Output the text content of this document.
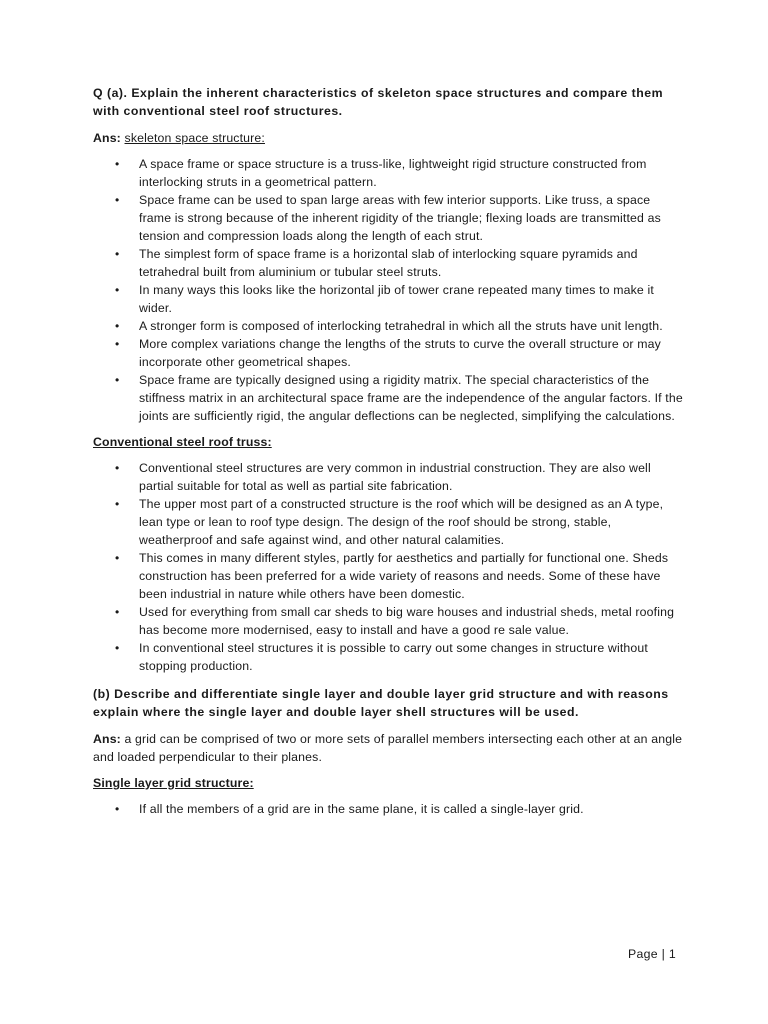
Q (a). Explain the inherent characteristics of skeleton space structures and compare them with conventional steel roof structures.

Ans: skeleton space structure:

• A space frame or space structure is a truss-like, lightweight rigid structure constructed from interlocking struts in a geometrical pattern.
• Space frame can be used to span large areas with few interior supports. Like truss, a space frame is strong because of the inherent rigidity of the triangle; flexing loads are transmitted as tension and compression loads along the length of each strut.
• The simplest form of space frame is a horizontal slab of interlocking square pyramids and tetrahedral built from aluminium or tubular steel struts.
• In many ways this looks like the horizontal jib of tower crane repeated many times to make it wider.
• A stronger form is composed of interlocking tetrahedral in which all the struts have unit length.
• More complex variations change the lengths of the struts to curve the overall structure or may incorporate other geometrical shapes.
• Space frame are typically designed using a rigidity matrix. The special characteristics of the stiffness matrix in an architectural space frame are the independence of the angular factors. If the joints are sufficiently rigid, the angular deflections can be neglected, simplifying the calculations.

Conventional steel roof truss:

• Conventional steel structures are very common in industrial construction. They are also well partial suitable for total as well as partial site fabrication.
• The upper most part of a constructed structure is the roof which will be designed as an A type, lean type or lean to roof type design. The design of the roof should be strong, stable, weatherproof and safe against wind, and other natural calamities.
• This comes in many different styles, partly for aesthetics and partially for functional one. Sheds construction has been preferred for a wide variety of reasons and needs. Some of these have been industrial in nature while others have been domestic.
• Used for everything from small car sheds to big ware houses and industrial sheds, metal roofing has become more modernised, easy to install and have a good re sale value.
• In conventional steel structures it is possible to carry out some changes in structure without stopping production.

(b) Describe and differentiate single layer and double layer grid structure and with reasons explain where the single layer and double layer shell structures will be used.

Ans: a grid can be comprised of two or more sets of parallel members intersecting each other at an angle and loaded perpendicular to their planes.

Single layer grid structure:

• If all the members of a grid are in the same plane, it is called a single-layer grid.
Page | 1
